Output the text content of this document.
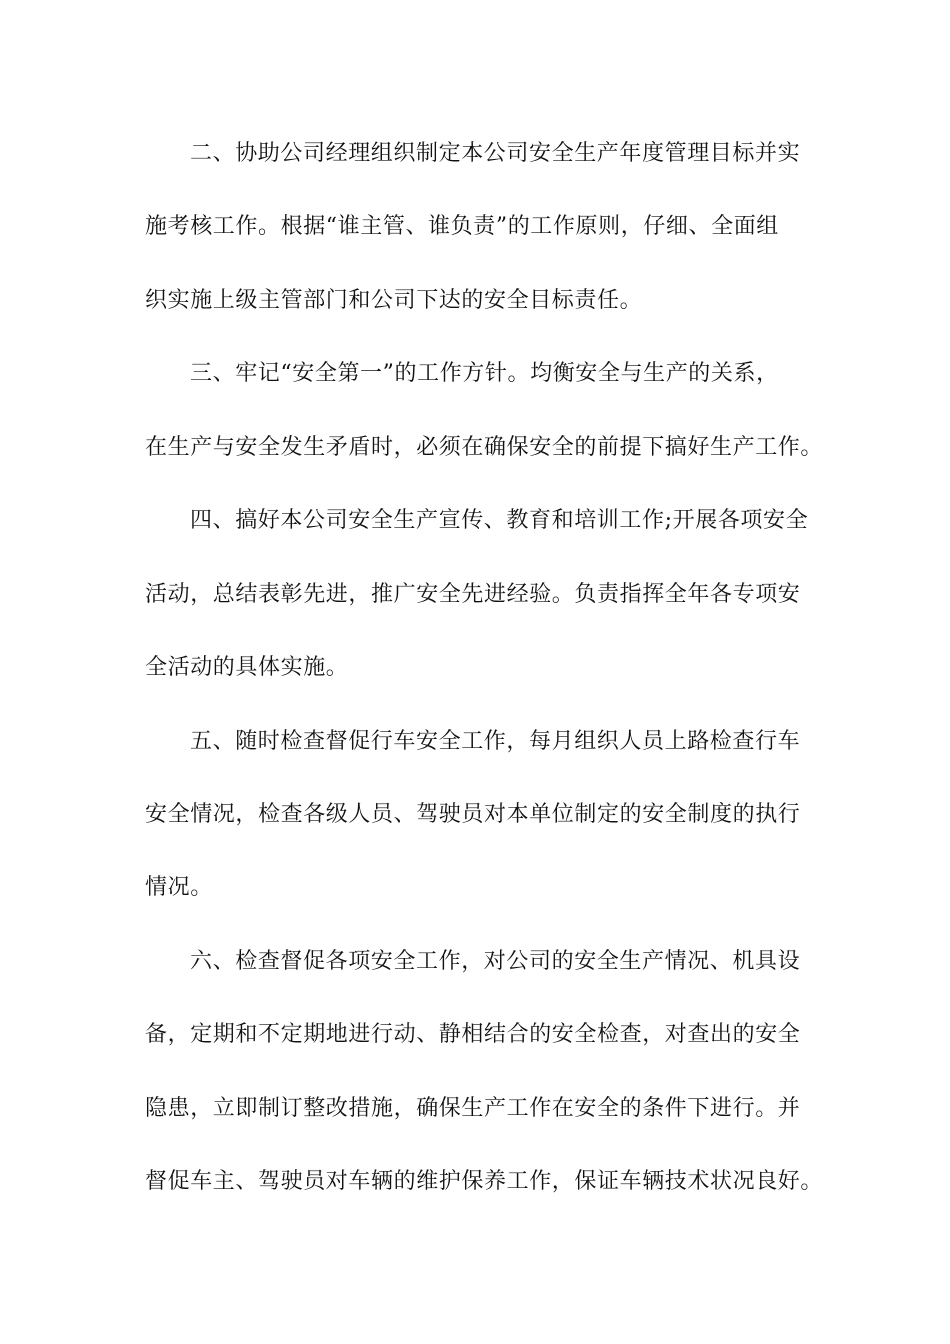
二、协助公司经理组织制定本公司安全生产年度管理目标并实
施考核工作。根据“谁主管、谁负责”的工作原则，仔细、全面组
织实施上级主管部门和公司下达的安全目标责任。
三、牢记“安全第一”的工作方针。均衡安全与生产的关系，
在生产与安全发生矛盾时，必须在确保安全的前提下搞好生产工作。
四、搞好本公司安全生产宣传、教育和培训工作;开展各项安全
活动，总结表彰先进，推广安全先进经验。负责指挥全年各专项安
全活动的具体实施。
五、随时检查督促行车安全工作，每月组织人员上路检查行车
安全情况，检查各级人员、驾驶员对本单位制定的安全制度的执行
情况。
六、检查督促各项安全工作，对公司的安全生产情况、机具设
备，定期和不定期地进行动、静相结合的安全检查，对查出的安全
隐患，立即制订整改措施，确保生产工作在安全的条件下进行。并
督促车主、驾驶员对车辆的维护保养工作，保证车辆技术状况良好。
